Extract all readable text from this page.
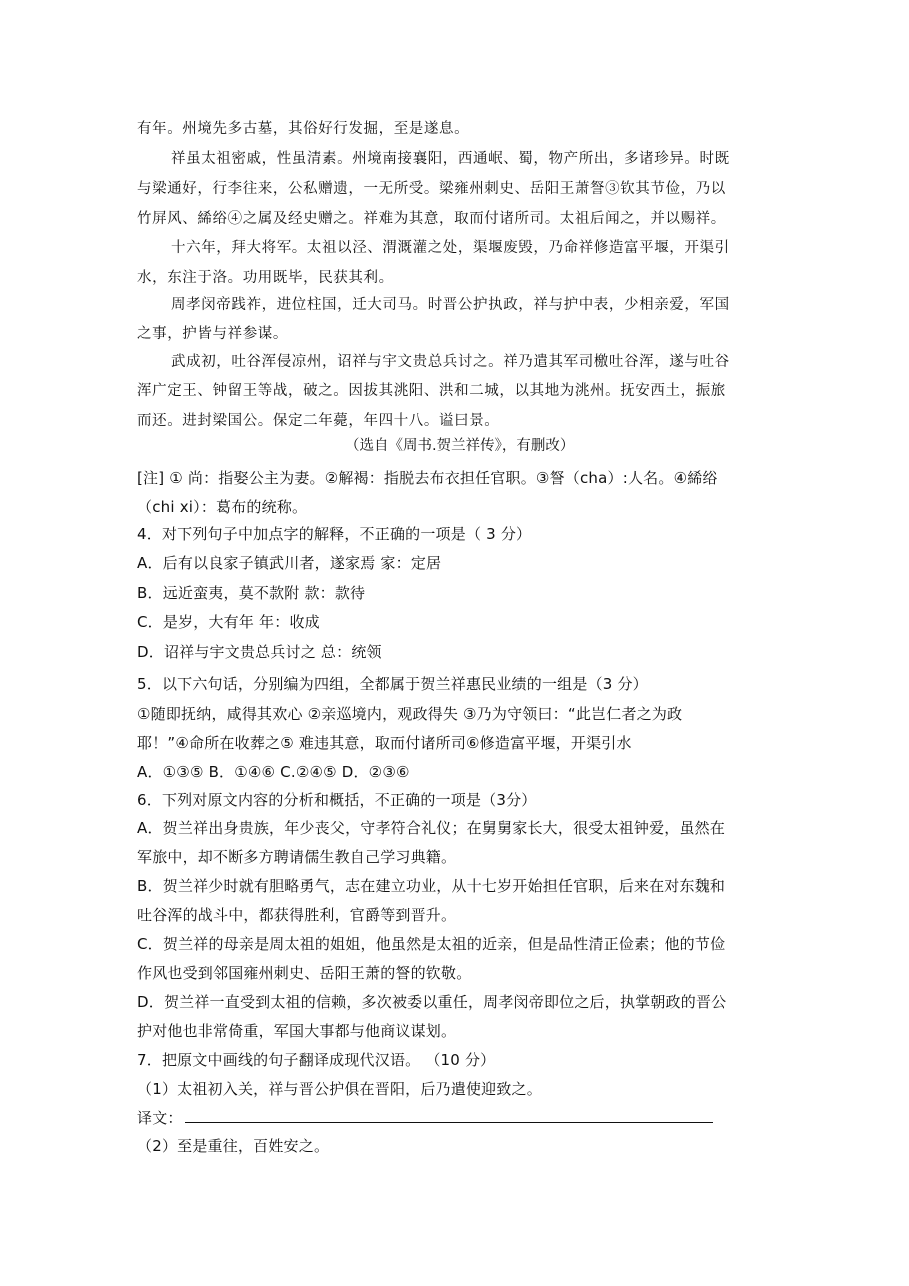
有年。州境先多古墓，其俗好行发掘，至是遂息。
祥虽太祖密戚，性虽清素。州境南接襄阳，西通岷、蜀，物产所出，多诸珍异。时既
与梁通好，行李往来，公私赠遗，一无所受。梁雍州刺史、岳阳王萧詧③钦其节俭，乃以
竹屏风、絺绤④之属及经史赠之。祥难为其意，取而付诸所司。太祖后闻之，并以赐祥。
十六年，拜大将军。太祖以泾、渭溉灌之处，渠堰废毁，乃命祥修造富平堰，开渠引
水，东注于洛。功用既毕，民获其利。
周孝闵帝践祚，进位柱国，迁大司马。时晋公护执政，祥与护中表，少相亲爱，军国
之事，护皆与祥参谋。
武成初，吐谷浑侵凉州，诏祥与宇文贵总兵讨之。祥乃遣其军司檄吐谷浑，遂与吐谷
浑广定王、钟留王等战，破之。因拔其洮阳、洪和二城，以其地为洮州。抚安西土，振旅
而还。进封梁国公。保定二年薨，年四十八。谥曰景。
（选自《周书.贺兰祥传》，有删改）
[注] ① 尚：指娶公主为妻。②解褐：指脱去布衣担任官职。③詧（cha）:人名。④絺绤
（chi xi）：葛布的统称。
4．对下列句子中加点字的解释，不正确的一项是（ 3 分）
A．后有以良家子镇武川者，遂家焉 家：定居
B．远近蛮夷，莫不款附 款：款待
C．是岁，大有年 年：收成
D．诏祥与宇文贵总兵讨之 总：统领
5．以下六句话，分别编为四组，全都属于贺兰祥惠民业绩的一组是（3 分）
①随即抚纳，咸得其欢心 ②亲巡境内，观政得失 ③乃为守领曰：“此岂仁者之为政
耶！”④命所在收葬之⑤ 难违其意，取而付诸所司⑥修造富平堰，开渠引水
A．①③⑤ B．①④⑥ C.②④⑤ D．②③⑥
6．下列对原文内容的分析和概括，不正确的一项是（3分）
A．贺兰祥出身贵族，年少丧父，守孝符合礼仪；在舅舅家长大，很受太祖钟爱，虽然在
军旅中，却不断多方聘请儒生教自己学习典籍。
B．贺兰祥少时就有胆略勇气，志在建立功业，从十七岁开始担任官职，后来在对东魏和
吐谷浑的战斗中，都获得胜利，官爵等到晋升。
C．贺兰祥的母亲是周太祖的姐姐，他虽然是太祖的近亲，但是品性清正俭素；他的节俭
作风也受到邻国雍州刺史、岳阳王萧的詧的钦敬。
D．贺兰祥一直受到太祖的信赖，多次被委以重任，周孝闵帝即位之后，执掌朝政的晋公
护对他也非常倚重，军国大事都与他商议谋划。
7．把原文中画线的句子翻译成现代汉语。 （10 分）
（1）太祖初入关，祥与晋公护俱在晋阳，后乃遣使迎致之。
译文：
（2）至是重往，百姓安之。
